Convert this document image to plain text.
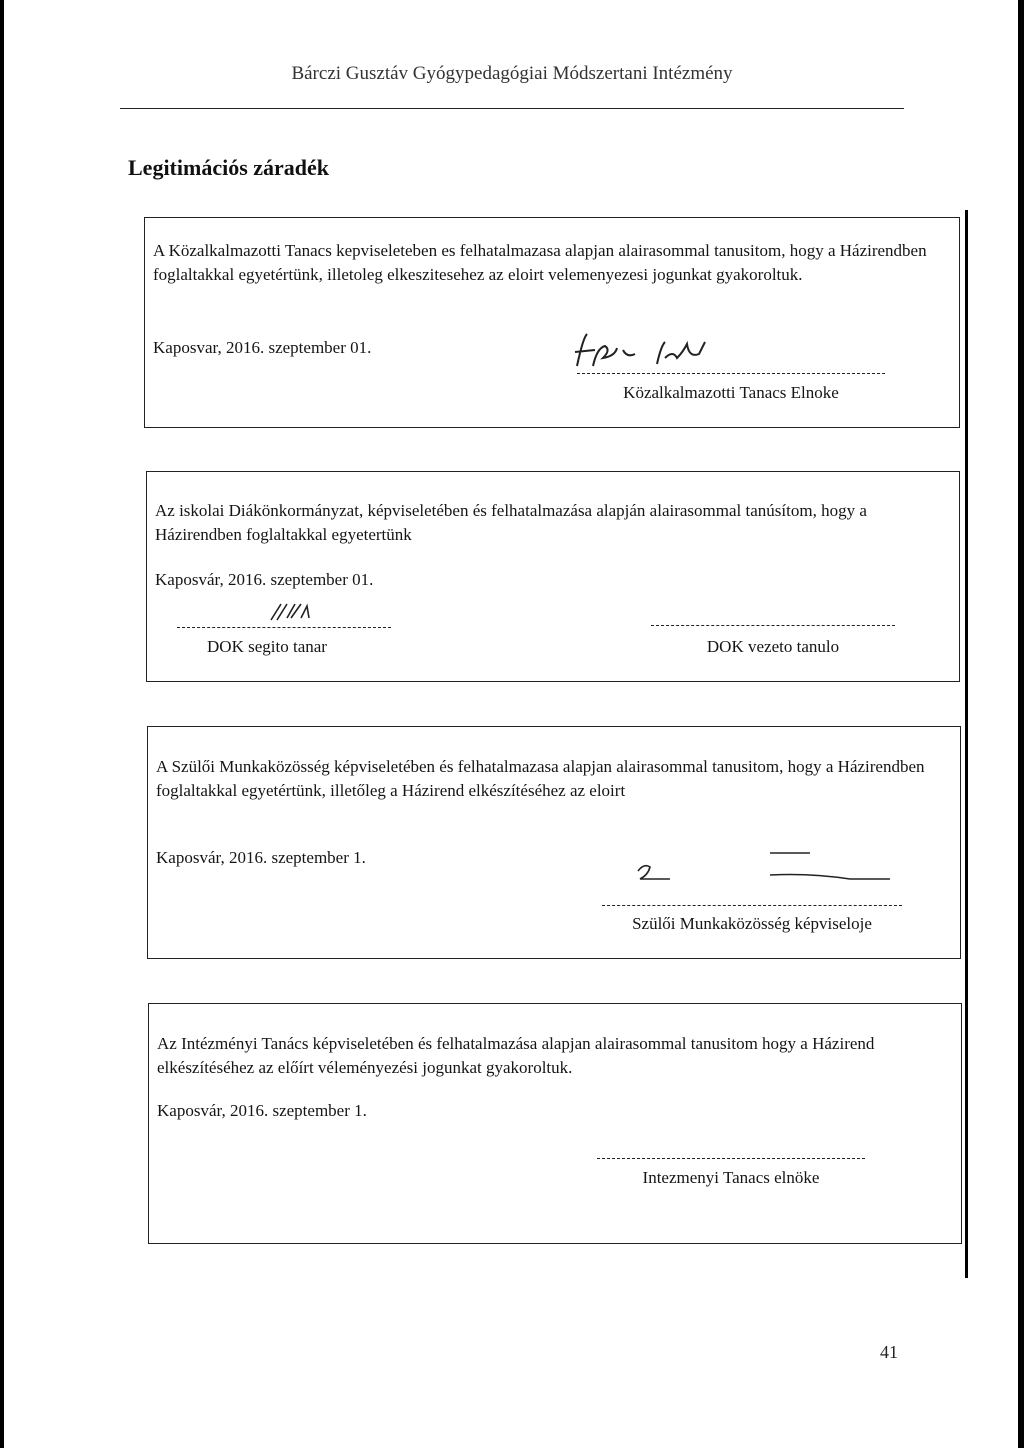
Bárczi Gusztáv Gyógypedagógiai Módszertani Intézmény
Legitimációs záradék
A Közalkalmazotti Tanacs kepviseleteben es felhatalmazasa alapjan alairasommal tanusitom, hogy a Házirendben foglaltakkal egyetértünk, illetoleg elkeszitesehez az eloirt velemenyezesi jogunkat gyakoroltuk.
Kaposvar, 2016. szeptember 01.
Közalkalmazotti Tanacs Elnoke
Az iskolai Diákönkormányzat, képviseletében és felhatalmazása alapján alairasommal tanúsítom, hogy a Házirendben foglaltakkal egyetertünk
Kaposvár, 2016. szeptember 01.
DOK segito tanar	DOK vezeto tanulo
A Szülői Munkaközösség képviseletében és felhatalmazasa alapjan alairasommal tanusitom, hogy a Házirendben foglaltakkal egyetértünk, illetőleg a Házirend elkészítéséhez az eloirt
Kaposvár, 2016. szeptember 1.
Szülői Munkaközösség képviseloje
Az Intézményi Tanács képviseletében és felhatalmazása alapjan alairasommal tanusitom hogy a Házirend elkészítéséhez az előírt véleményezési jogunkat gyakoroltuk.
Kaposvár, 2016. szeptember 1.
Intezmenyi Tanacs elnöke
41
